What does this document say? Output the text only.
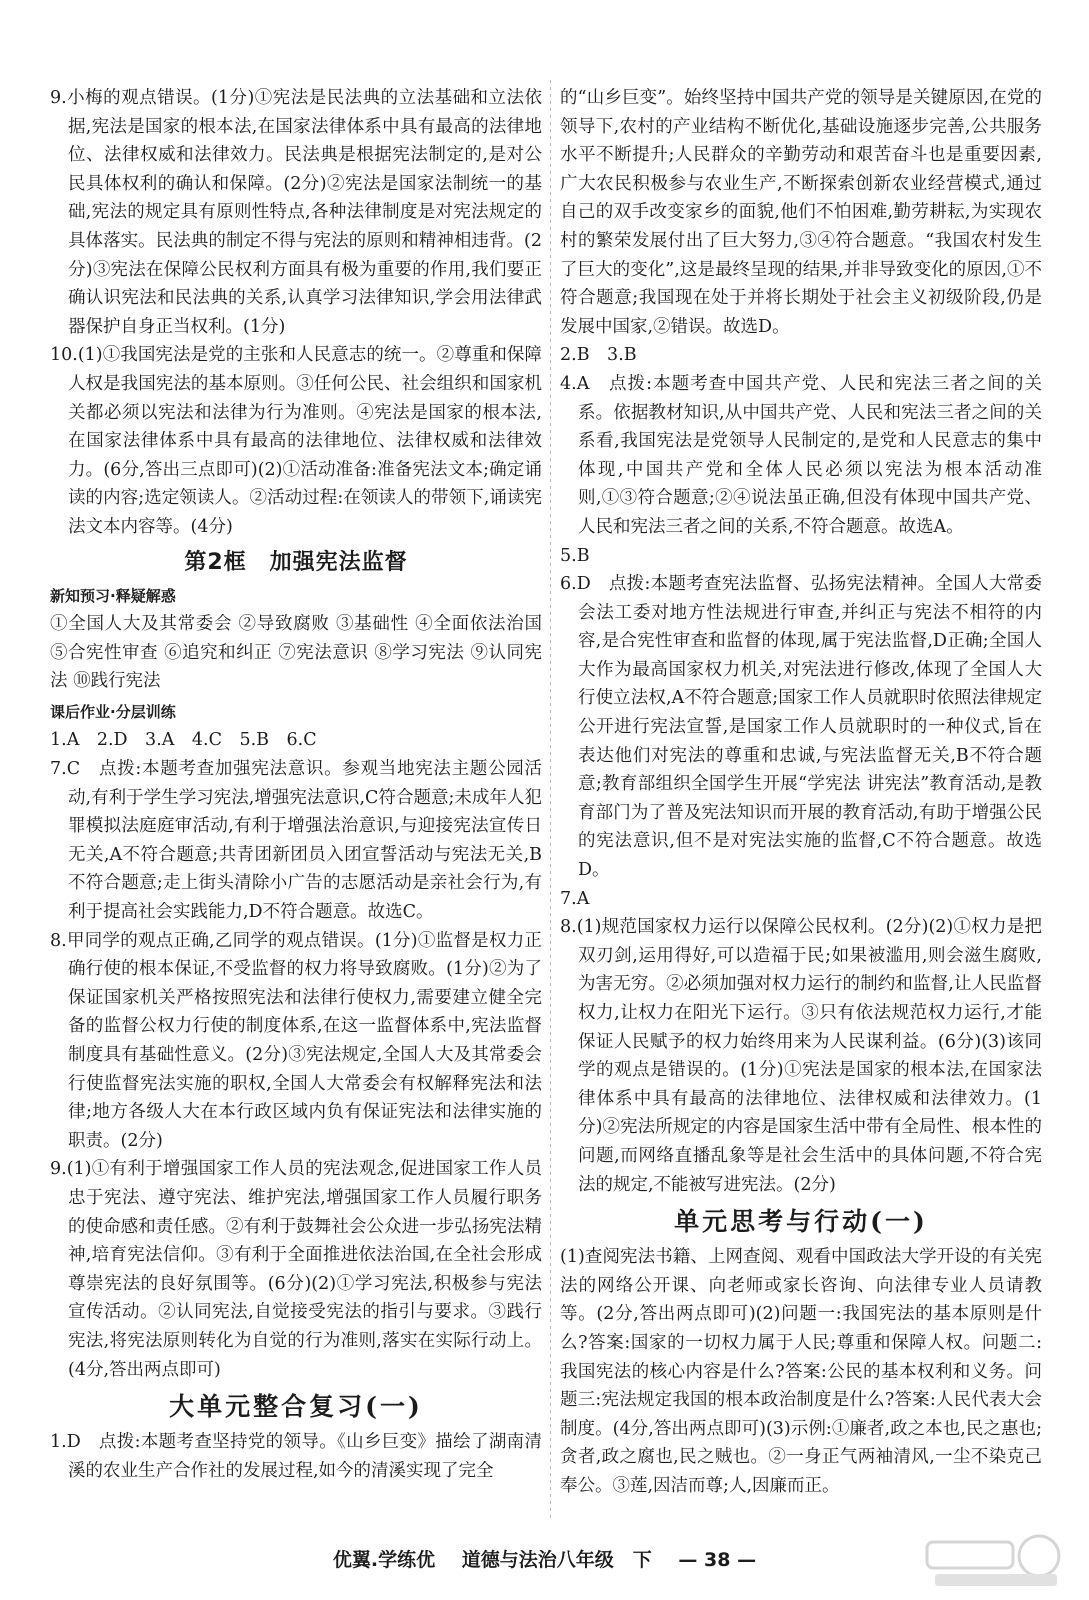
9.小梅的观点错误。(1分)①宪法是民法典的立法基础和立法依据,宪法是国家的根本法,在国家法律体系中具有最高的法律地位、法律权威和法律效力。民法典是根据宪法制定的,是对公民具体权利的确认和保障。(2分)②宪法是国家法制统一的基础,宪法的规定具有原则性特点,各种法律制度是对宪法规定的具体落实。民法典的制定不得与宪法的原则和精神相违背。(2分)③宪法在保障公民权利方面具有极为重要的作用,我们要正确认识宪法和民法典的关系,认真学习法律知识,学会用法律武器保护自身正当权利。(1分)

10.(1)①我国宪法是党的主张和人民意志的统一。②尊重和保障人权是我国宪法的基本原则。③任何公民、社会组织和国家机关都必须以宪法和法律为行为准则。④宪法是国家的根本法,在国家法律体系中具有最高的法律地位、法律权威和法律效力。(6分,答出三点即可)(2)①活动准备:准备宪法文本;确定诵读的内容;选定领读人。②活动过程:在领读人的带领下,诵读宪法文本内容等。(4分)

第2框　加强宪法监督
新知预习·释疑解惑

①全国人大及其常委会 ②导致腐败 ③基础性 ④全面依法治国 ⑤合宪性审查 ⑥追究和纠正 ⑦宪法意识 ⑧学习宪法 ⑨认同宪法 ⑩践行宪法

课后作业·分层训练

1.A　2.D　3.A　4.C　5.B　6.C

7.C　点拨:本题考查加强宪法意识。参观当地宪法主题公园活动,有利于学生学习宪法,增强宪法意识,C符合题意;未成年人犯罪模拟法庭庭审活动,有利于增强法治意识,与迎接宪法宣传日无关,A不符合题意;共青团新团员入团宣誓活动与宪法无关,B不符合题意;走上街头清除小广告的志愿活动是亲社会行为,有利于提高社会实践能力,D不符合题意。故选C。

8.甲同学的观点正确,乙同学的观点错误。(1分)①监督是权力正确行使的根本保证,不受监督的权力将导致腐败。(1分)②为了保证国家机关严格按照宪法和法律行使权力,需要建立健全完备的监督公权力行使的制度体系,在这一监督体系中,宪法监督制度具有基础性意义。(2分)③宪法规定,全国人大及其常委会行使监督宪法实施的职权,全国人大常委会有权解释宪法和法律;地方各级人大在本行政区域内负有保证宪法和法律实施的职责。(2分)

9.(1)①有利于增强国家工作人员的宪法观念,促进国家工作人员忠于宪法、遵守宪法、维护宪法,增强国家工作人员履行职务的使命感和责任感。②有利于鼓舞社会公众进一步弘扬宪法精神,培育宪法信仰。③有利于全面推进依法治国,在全社会形成尊崇宪法的良好氛围等。(6分)(2)①学习宪法,积极参与宪法宣传活动。②认同宪法,自觉接受宪法的指引与要求。③践行宪法,将宪法原则转化为自觉的行为准则,落实在实际行动上。(4分,答出两点即可)

大单元整合复习(一)

1.D　点拨:本题考查坚持党的领导。《山乡巨变》描绘了湖南清溪的农业生产合作社的发展过程,如今的清溪实现了完全

的“山乡巨变”。始终坚持中国共产党的领导是关键原因,在党的领导下,农村的产业结构不断优化,基础设施逐步完善,公共服务水平不断提升;人民群众的辛勤劳动和艰苦奋斗也是重要因素,广大农民积极参与农业生产,不断探索创新农业经营模式,通过自己的双手改变家乡的面貌,他们不怕困难,勤劳耕耘,为实现农村的繁荣发展付出了巨大努力,③④符合题意。“我国农村发生了巨大的变化”,这是最终呈现的结果,并非导致变化的原因,①不符合题意;我国现在处于并将长期处于社会主义初级阶段,仍是发展中国家,②错误。故选D。

2.B　3.B

4.A　点拨:本题考查中国共产党、人民和宪法三者之间的关系。依据教材知识,从中国共产党、人民和宪法三者之间的关系看,我国宪法是党领导人民制定的,是党和人民意志的集中体现,中国共产党和全体人民必须以宪法为根本活动准则,①③符合题意;②④说法虽正确,但没有体现中国共产党、人民和宪法三者之间的关系,不符合题意。故选A。

5.B

6.D　点拨:本题考查宪法监督、弘扬宪法精神。全国人大常委会法工委对地方性法规进行审查,并纠正与宪法不相符的内容,是合宪性审查和监督的体现,属于宪法监督,D正确;全国人大作为最高国家权力机关,对宪法进行修改,体现了全国人大行使立法权,A不符合题意;国家工作人员就职时依照法律规定公开进行宪法宣誓,是国家工作人员就职时的一种仪式,旨在表达他们对宪法的尊重和忠诚,与宪法监督无关,B不符合题意;教育部组织全国学生开展“学宪法 讲宪法”教育活动,是教育部门为了普及宪法知识而开展的教育活动,有助于增强公民的宪法意识,但不是对宪法实施的监督,C不符合题意。故选D。

7.A

8.(1)规范国家权力运行以保障公民权利。(2分)(2)①权力是把双刃剑,运用得好,可以造福于民;如果被滥用,则会滋生腐败,为害无穷。②必须加强对权力运行的制约和监督,让人民监督权力,让权力在阳光下运行。③只有依法规范权力运行,才能保证人民赋予的权力始终用来为人民谋利益。(6分)(3)该同学的观点是错误的。(1分)①宪法是国家的根本法,在国家法律体系中具有最高的法律地位、法律权威和法律效力。(1分)②宪法所规定的内容是国家生活中带有全局性、根本性的问题,而网络直播乱象等是社会生活中的具体问题,不符合宪法的规定,不能被写进宪法。(2分)

单元思考与行动(一)

(1)查阅宪法书籍、上网查阅、观看中国政法大学开设的有关宪法的网络公开课、向老师或家长咨询、向法律专业人员请教等。(2分,答出两点即可)(2)问题一:我国宪法的基本原则是什么?答案:国家的一切权力属于人民;尊重和保障人权。问题二:我国宪法的核心内容是什么?答案:公民的基本权利和义务。问题三:宪法规定我国的根本政治制度是什么?答案:人民代表大会制度。(4分,答出两点即可)(3)示例:①廉者,政之本也,民之惠也;贪者,政之腐也,民之贼也。②一身正气两袖清风,一尘不染克己奉公。③莲,因洁而尊;人,因廉而正。

优翼.学练优 道德与法治八年级　下 — 38 —
